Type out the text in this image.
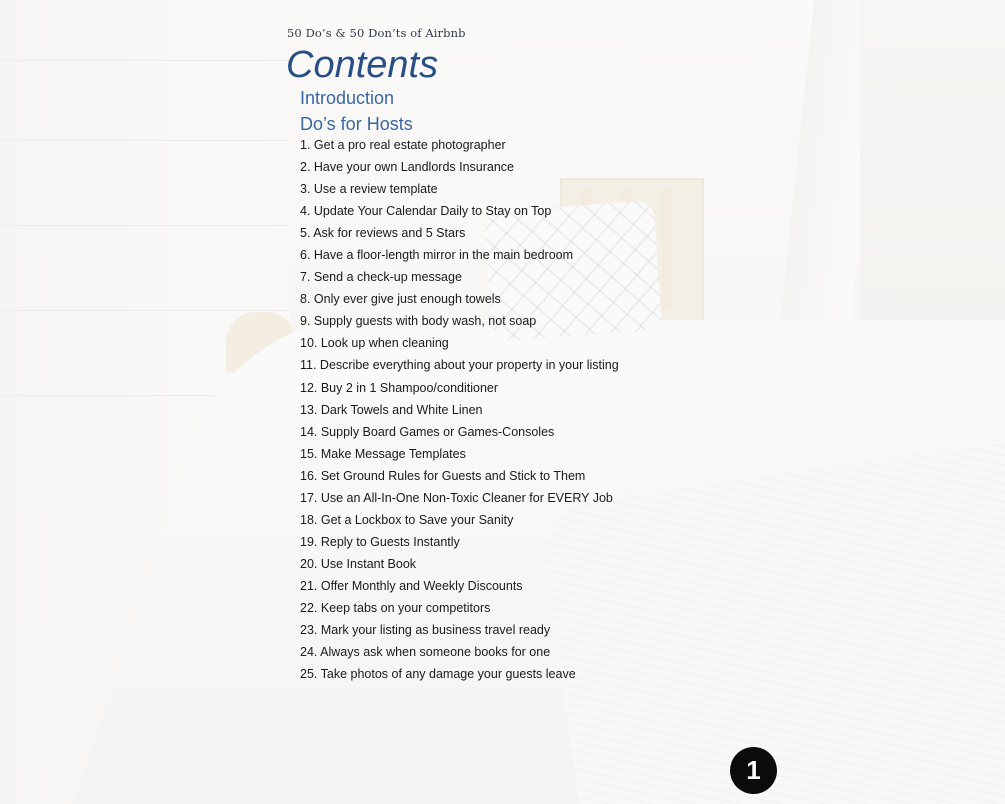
50 Do’s & 50 Don’ts of Airbnb
Contents
Introduction
Do’s for Hosts
1. Get a pro real estate photographer
2. Have your own Landlords Insurance
3. Use a review template
4. Update Your Calendar Daily to Stay on Top
5. Ask for reviews and 5 Stars
6. Have a floor-length mirror in the main bedroom
7. Send a check-up message
8. Only ever give just enough towels
9. Supply guests with body wash, not soap
10. Look up when cleaning
11. Describe everything about your property in your listing
12. Buy 2 in 1 Shampoo/conditioner
13. Dark Towels and White Linen
14. Supply Board Games or Games-Consoles
15. Make Message Templates
16. Set Ground Rules for Guests and Stick to Them
17. Use an All-In-One Non-Toxic Cleaner for EVERY Job
18. Get a Lockbox to Save your Sanity
19. Reply to Guests Instantly
20. Use Instant Book
21. Offer Monthly and Weekly Discounts
22. Keep tabs on your competitors
23. Mark your listing as business travel ready
24. Always ask when someone books for one
25. Take photos of any damage your guests leave
1
